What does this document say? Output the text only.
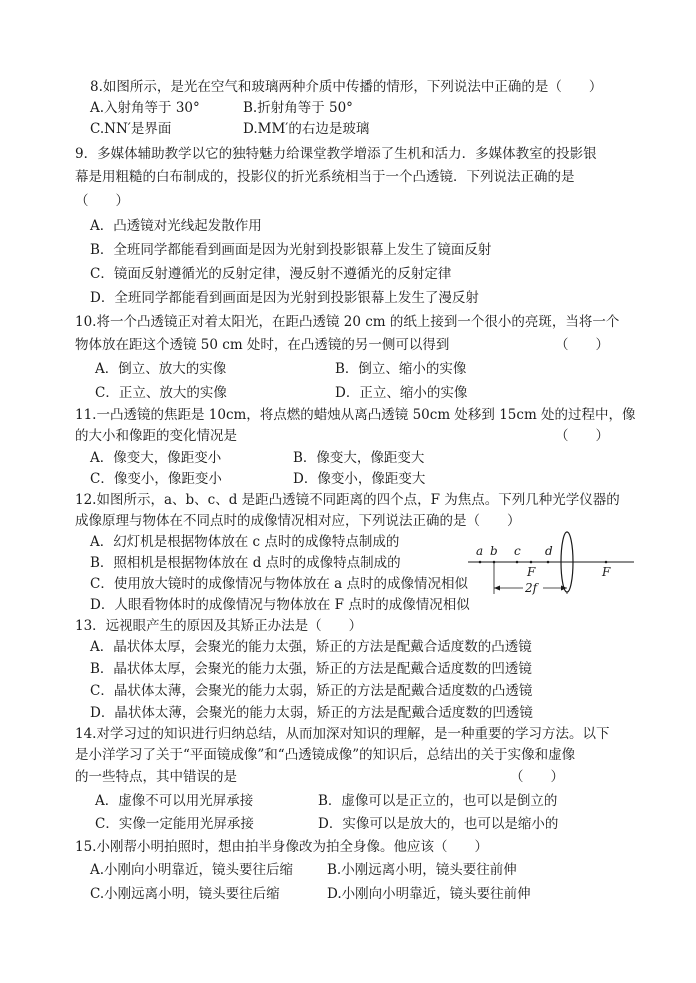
8.如图所示，是光在空气和玻璃两种介质中传播的情形，下列说法中正确的是（　　）
A.入射角等于 30°	B.折射角等于 50°
C.NN′是界面	D.MM′的右边是玻璃
9．多媒体辅助教学以它的独特魅力给课堂教学增添了生机和活力．多媒体教室的投影银
幕是用粗糙的白布制成的，投影仪的折光系统相当于一个凸透镜．下列说法正确的是
（　　）
A．凸透镜对光线起发散作用
B．全班同学都能看到画面是因为光射到投影银幕上发生了镜面反射
C．镜面反射遵循光的反射定律，漫反射不遵循光的反射定律
D．全班同学都能看到画面是因为光射到投影银幕上发生了漫反射
10.将一个凸透镜正对着太阳光，在距凸透镜 20 cm 的纸上接到一个很小的亮斑，当将一个
物体放在距这个透镜 50 cm 处时，在凸透镜的另一侧可以得到	（　　）
A．倒立、放大的实像	B．倒立、缩小的实像
C．正立、放大的实像	D．正立、缩小的实像
11.一凸透镜的焦距是 10cm，将点燃的蜡烛从离凸透镜 50cm 处移到 15cm 处的过程中，像
的大小和像距的变化情况是	（　　）
A．像变大，像距变小	B．像变大，像距变大
C．像变小，像距变小	D．像变小，像距变大
12.如图所示，a、b、c、d 是距凸透镜不同距离的四个点，F 为焦点。下列几种光学仪器的
成像原理与物体在不同点时的成像情况相对应，下列说法正确的是（　　）
A．幻灯机是根据物体放在 c 点时的成像特点制成的
B．照相机是根据物体放在 d 点时的成像特点制成的
C．使用放大镜时的成像情况与物体放在 a 点时的成像情况相似
D．人眼看物体时的成像情况与物体放在 F 点时的成像情况相似
a b c d
F	F
2f
13．远视眼产生的原因及其矫正办法是（　　）
A．晶状体太厚，会聚光的能力太强，矫正的方法是配戴合适度数的凸透镜
B．晶状体太厚，会聚光的能力太强，矫正的方法是配戴合适度数的凹透镜
C．晶状体太薄，会聚光的能力太弱，矫正的方法是配戴合适度数的凸透镜
D．晶状体太薄，会聚光的能力太弱，矫正的方法是配戴合适度数的凹透镜
14.对学习过的知识进行归纳总结，从而加深对知识的理解，是一种重要的学习方法。以下
是小洋学习了关于“平面镜成像”和“凸透镜成像”的知识后，总结出的关于实像和虚像
的一些特点，其中错误的是	（　　）
A．虚像不可以用光屏承接	B．虚像可以是正立的，也可以是倒立的
C．实像一定能用光屏承接	D．实像可以是放大的，也可以是缩小的
15.小刚帮小明拍照时，想由拍半身像改为拍全身像。他应该（　　）
A.小刚向小明靠近，镜头要往后缩	B.小刚远离小明，镜头要往前伸
C.小刚远离小明，镜头要往后缩	D.小刚向小明靠近，镜头要往前伸
